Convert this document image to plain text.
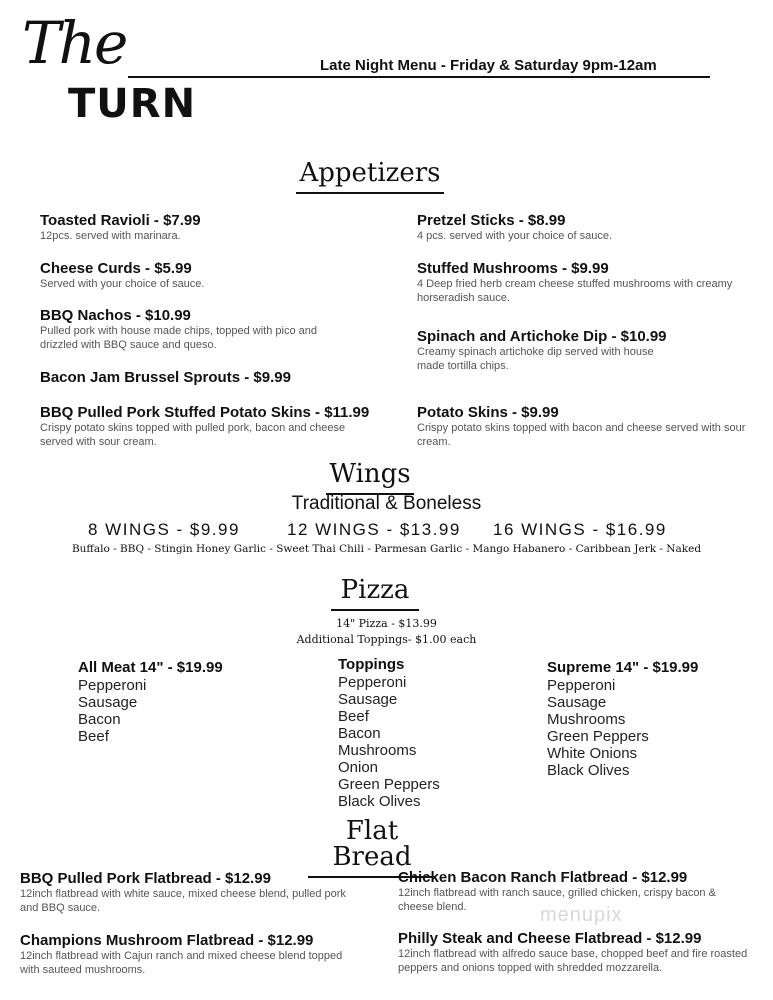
The
TURN
Late Night Menu - Friday & Saturday 9pm-12am
Appetizers
Toasted Ravioli - $7.99
12pcs. served with marinara.
Cheese Curds - $5.99
Served with your choice of sauce.
BBQ Nachos - $10.99
Pulled pork with house made chips, topped with pico and drizzled with BBQ sauce and queso.
Bacon Jam Brussel Sprouts - $9.99
BBQ Pulled Pork Stuffed Potato Skins - $11.99
Crispy potato skins topped with pulled pork, bacon and cheese served with sour cream.
Pretzel Sticks - $8.99
4 pcs. served with your choice of sauce.
Stuffed Mushrooms - $9.99
4 Deep fried herb cream cheese stuffed mushrooms with creamy horseradish sauce.
Spinach and Artichoke Dip - $10.99
Creamy spinach artichoke dip served with house made tortilla chips.
Potato Skins - $9.99
Crispy potato skins topped with bacon and cheese served with sour cream.
Wings
Traditional & Boneless
8 WINGS - $9.99	12 WINGS - $13.99 16 WINGS - $16.99
Buffalo - BBQ - Stingin Honey Garlic - Sweet Thai Chili - Parmesan Garlic - Mango Habanero - Caribbean Jerk - Naked
Pizza
14" Pizza - $13.99
Additional Toppings- $1.00 each
All Meat 14" - $19.99
Pepperoni
Sausage
Bacon
Beef
Toppings
Pepperoni
Sausage
Beef
Bacon
Mushrooms
Onion
Green Peppers
Black Olives
Supreme 14" - $19.99
Pepperoni
Sausage
Mushrooms
Green Peppers
White Onions
Black Olives
Flat Bread
BBQ Pulled Pork Flatbread - $12.99
12inch flatbread with white sauce, mixed cheese blend, pulled pork and BBQ sauce.
Champions Mushroom Flatbread - $12.99
12inch flatbread with Cajun ranch and mixed cheese blend topped with sauteed mushrooms.
Chicken Bacon Ranch Flatbread - $12.99
12inch flatbread with ranch sauce, grilled chicken, crispy bacon & cheese blend.
Philly Steak and Cheese Flatbread - $12.99
12inch flatbread with alfredo sauce base, chopped beef and fire roasted peppers and onions topped with shredded mozzarella.
menupix
